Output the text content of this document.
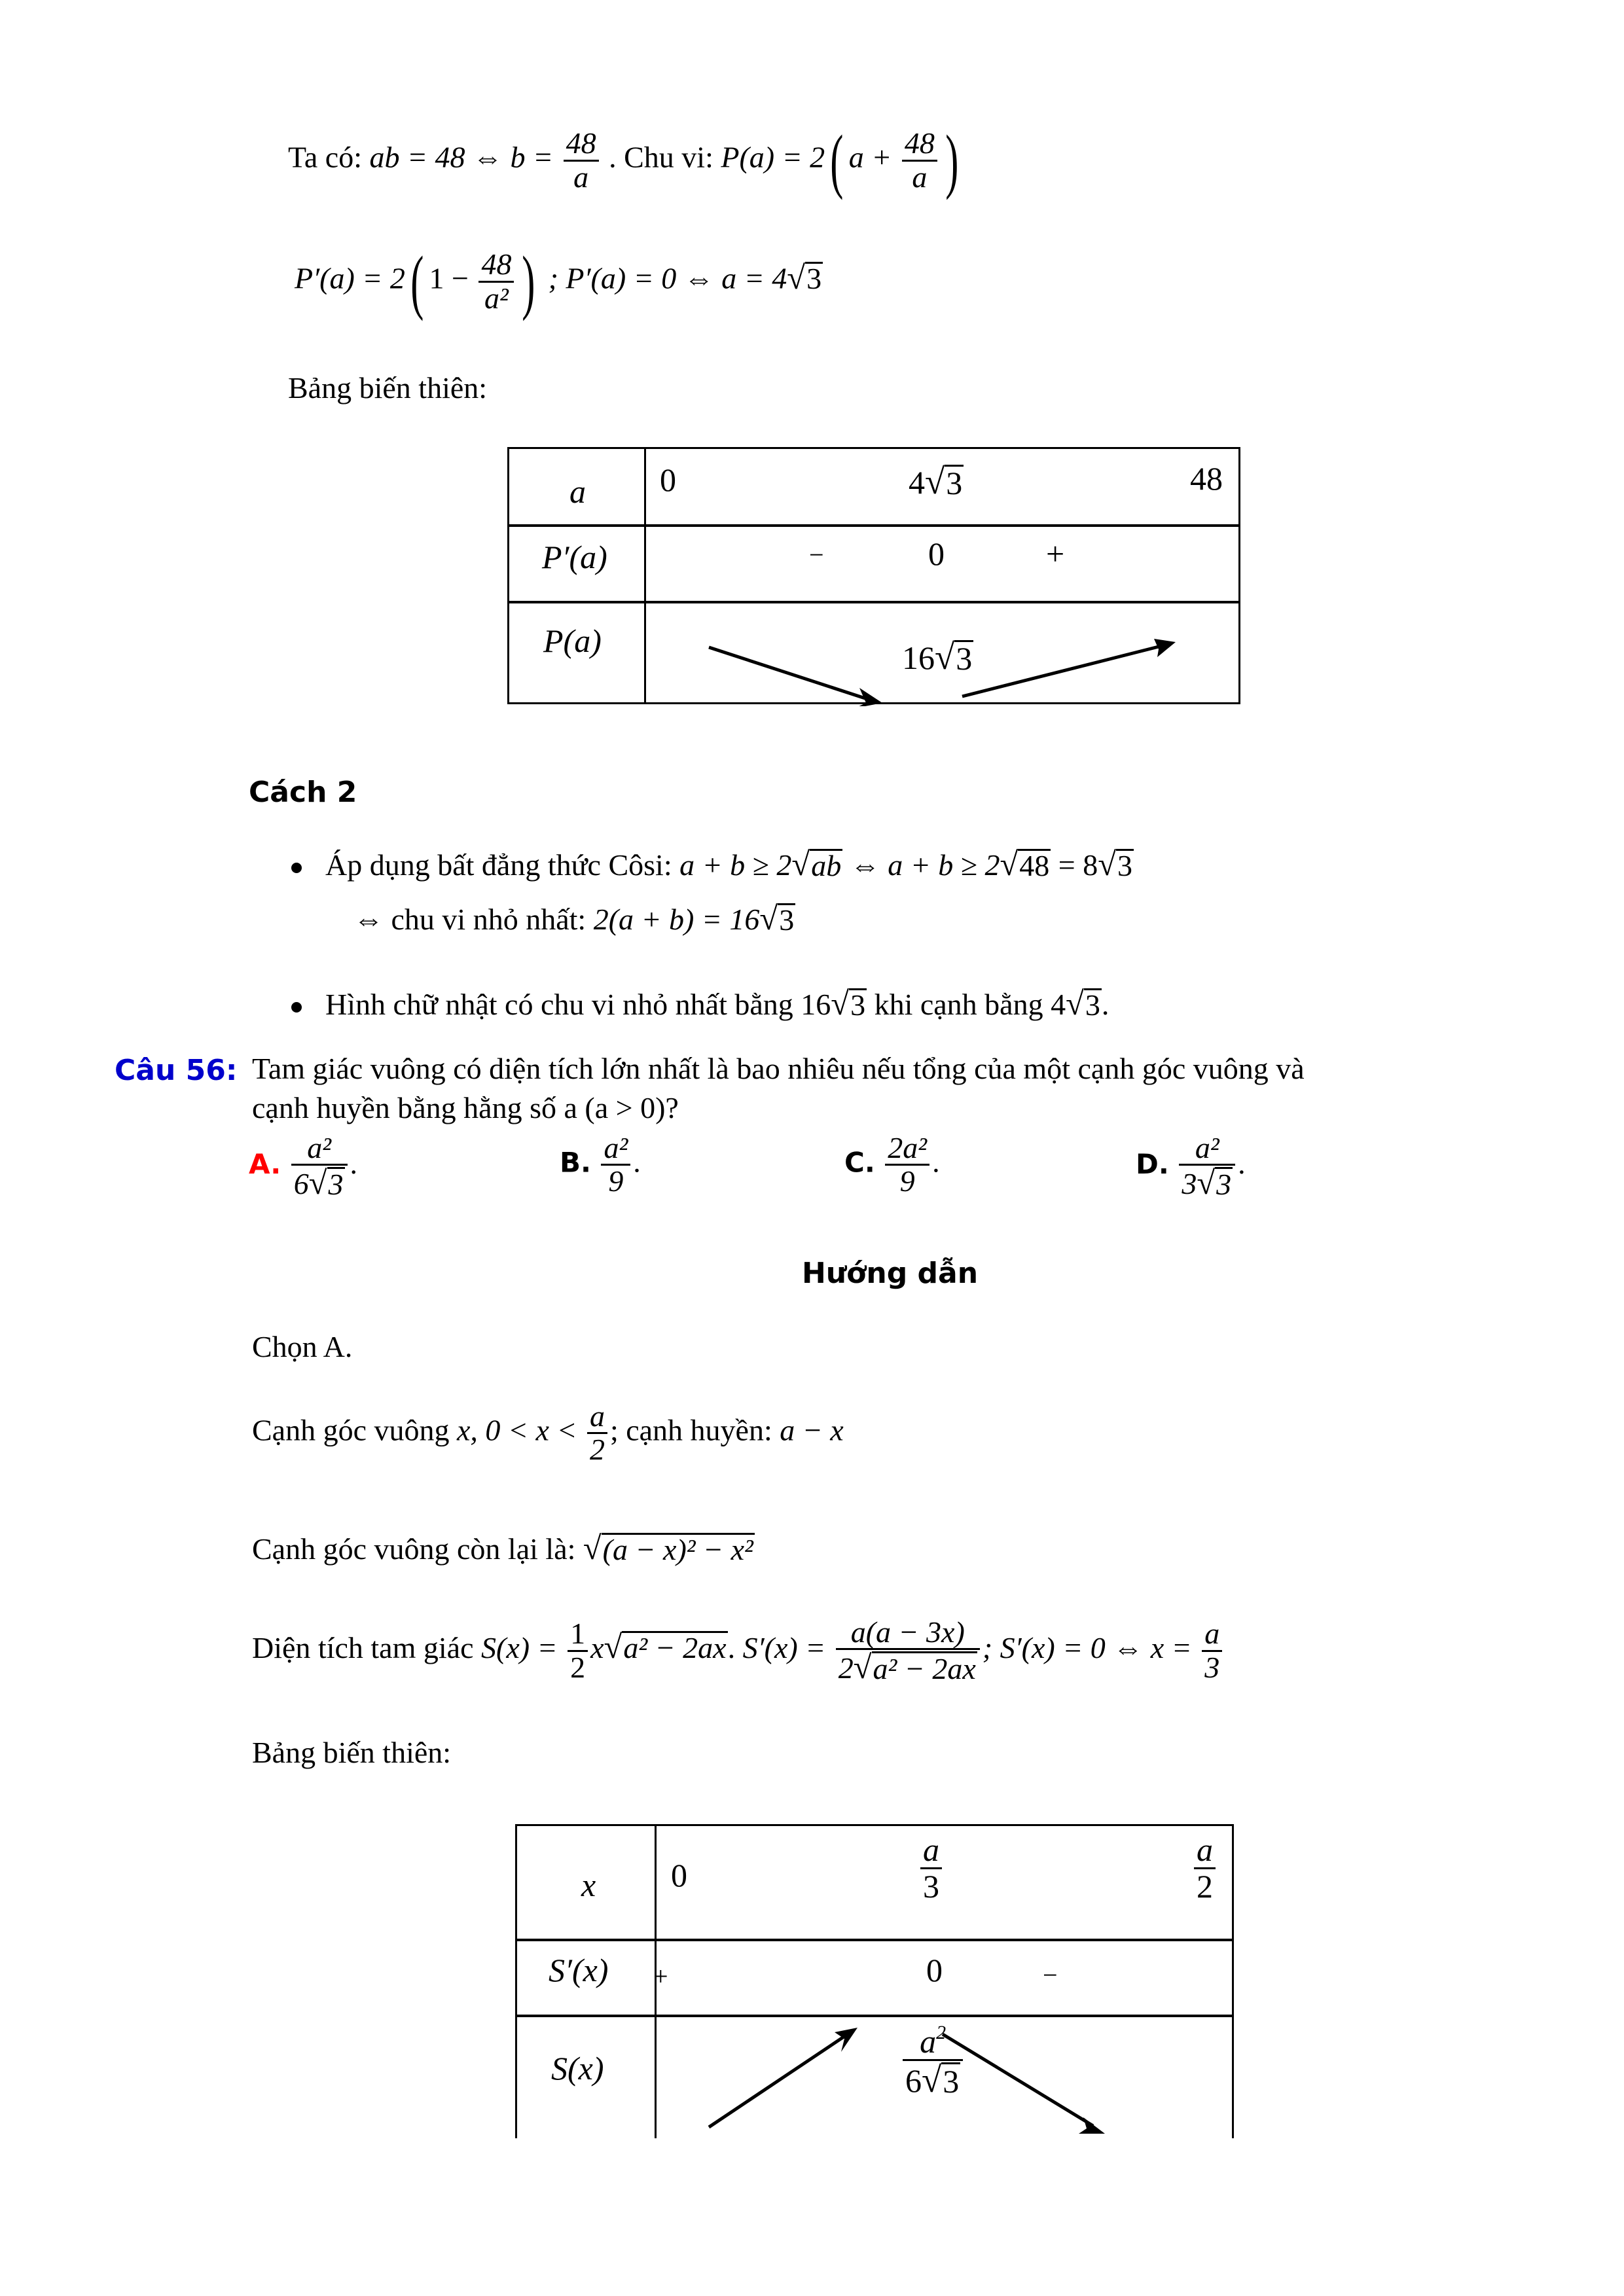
Ta có: ab = 48 ⇔ $b = \frac{48}{a}$ . Chu vi: P(a) = 2( $a + \frac{48}{a}$ )
P′(a) = 2( $1 - \frac{48}{\text{a²}}$ ) ; P′(a) = 0 ⇔ a = 4 √ 3
Bảng biến thiên:
a 0	4 √ 3	48
P′(a)	−	0	+
P(a)	16 √ 3
Cách 2
Áp dụng bất đẳng thức Côsi: a + b ≥ 2 √ ab ⇔ a + b ≥ 2 √ 48 = 8 √ 3
⇔ chu vi nhỏ nhất: 2(a + b) = 16 √ 3
Hình chữ nhật có chu vi nhỏ nhất bằng 16 √ 3 khi cạnh bằng 4 √ 3 .
Câu 56: Tam giác vuông có diện tích lớn nhất là bao nhiêu nếu tổng của một cạnh góc vuông và
cạnh huyền bằng hằng số a (a > 0)?
A. $\frac{\text{a²}}{6 √ 3}$ .	B. $\frac{\text{a²}}{9}$ .	C. $\frac{\text{2a²}}{9}$ .	D. $\frac{\text{a²}}{3 √ 3}$ .
Hướng dẫn
Chọn A.
Cạnh góc vuông x, $0 < x < \frac{a}{2}$ ; cạnh huyền: a − x
Cạnh góc vuông còn lại là: √ (a − x)² − x²
Diện tích tam giác $S(x) = \frac{1}{2}$ x √ a² − 2ax . $S'(x) = \frac{a(a - 3x)}{\text{2 √ a² − 2ax}}$ ; S′(x) = 0 ⇔ $x = \frac{a}{3}$
Bảng biến thiên:
x 0	$\frac{a}{3}$	$\frac{a}{2}$
S′(x) +	0	−
S(x)	$\frac{a^2}{6 √ 3}$
